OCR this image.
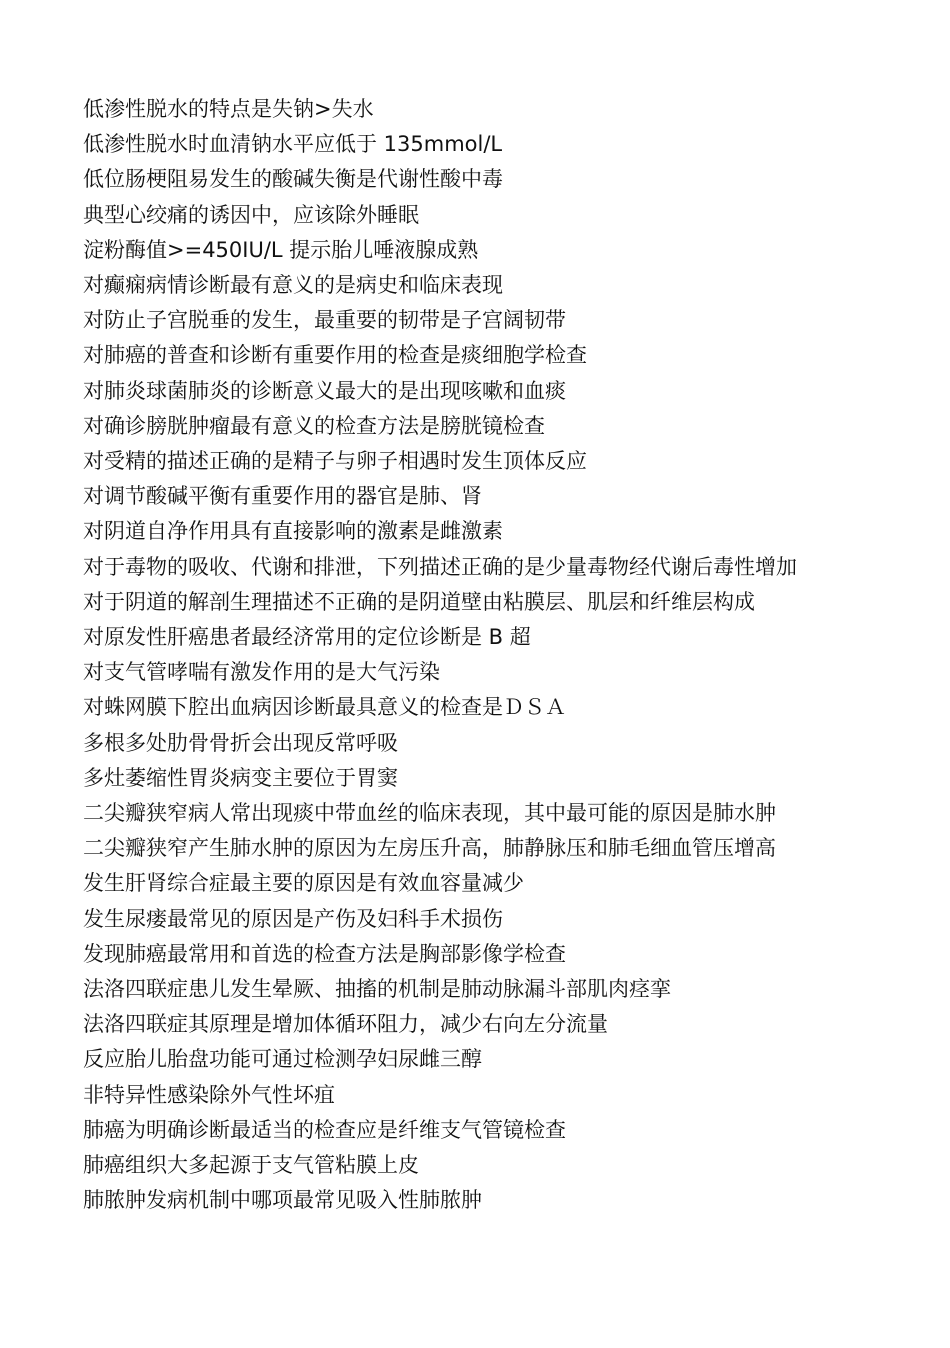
低渗性脱水的特点是失钠>失水

低渗性脱水时血清钠水平应低于 135mmol/L

低位肠梗阻易发生的酸碱失衡是代谢性酸中毒

典型心绞痛的诱因中，应该除外睡眠

淀粉酶值>=450IU/L 提示胎儿唾液腺成熟

对癫痫病情诊断最有意义的是病史和临床表现

对防止子宫脱垂的发生，最重要的韧带是子宫阔韧带

对肺癌的普查和诊断有重要作用的检查是痰细胞学检查

对肺炎球菌肺炎的诊断意义最大的是出现咳嗽和血痰

对确诊膀胱肿瘤最有意义的检查方法是膀胱镜检查

对受精的描述正确的是精子与卵子相遇时发生顶体反应

对调节酸碱平衡有重要作用的器官是肺、肾

对阴道自净作用具有直接影响的激素是雌激素

对于毒物的吸收、代谢和排泄，下列描述正确的是少量毒物经代谢后毒性增加

对于阴道的解剖生理描述不正确的是阴道壁由粘膜层、肌层和纤维层构成

对原发性肝癌患者最经济常用的定位诊断是 B 超

对支气管哮喘有激发作用的是大气污染

对蛛网膜下腔出血病因诊断最具意义的检查是ＤＳＡ

多根多处肋骨骨折会出现反常呼吸

多灶萎缩性胃炎病变主要位于胃窦

二尖瓣狭窄病人常出现痰中带血丝的临床表现，其中最可能的原因是肺水肿

二尖瓣狭窄产生肺水肿的原因为左房压升高，肺静脉压和肺毛细血管压增高

发生肝肾综合症最主要的原因是有效血容量减少

发生尿瘘最常见的原因是产伤及妇科手术损伤

发现肺癌最常用和首选的检查方法是胸部影像学检查

法洛四联症患儿发生晕厥、抽搐的机制是肺动脉漏斗部肌肉痉挛

法洛四联症其原理是增加体循环阻力，减少右向左分流量

反应胎儿胎盘功能可通过检测孕妇尿雌三醇

非特异性感染除外气性坏疽

肺癌为明确诊断最适当的检查应是纤维支气管镜检查

肺癌组织大多起源于支气管粘膜上皮

肺脓肿发病机制中哪项最常见吸入性肺脓肿
